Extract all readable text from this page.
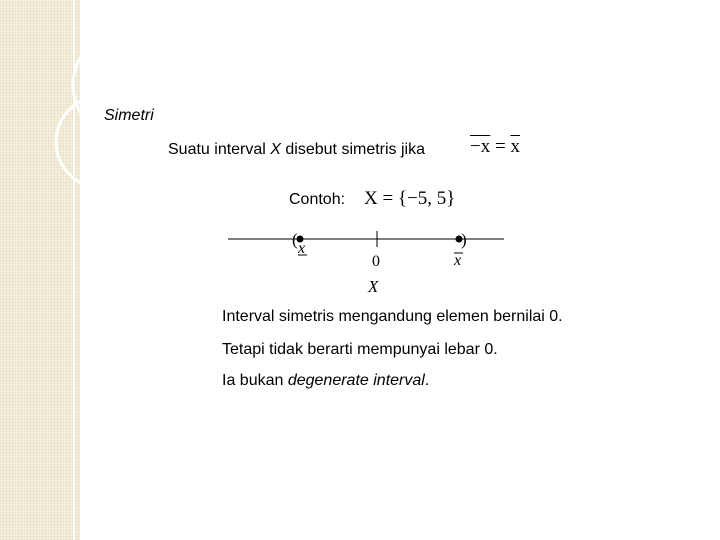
Simetri
Suatu interval X disebut simetris jika $-x = \overline{x}$
Contoh: X = {−5, 5}
(	)
x
0	x
X
Interval simetris mengandung elemen bernilai 0.
Tetapi tidak berarti mempunyai lebar 0.
Ia bukan degenerate interval.
